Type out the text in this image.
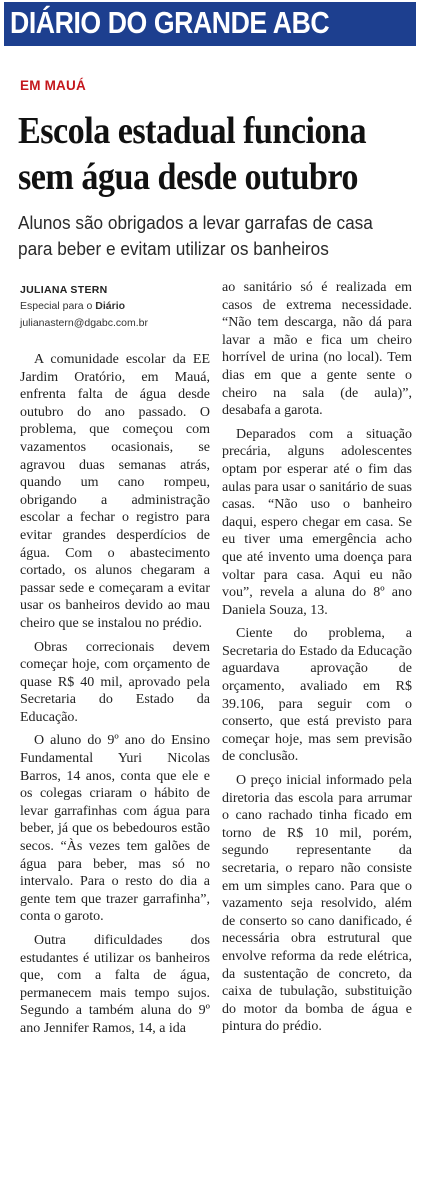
DIÁRIO DO GRANDE ABC
EM MAUÁ
Escola estadual funciona sem água desde outubro

Alunos são obrigados a levar garrafas de casa para beber e evitam utilizar os banheiros

JULIANA STERN
Especial para o Diário
julianastern@dgabc.com.br

A comunidade escolar da EE Jardim Oratório, em Mauá, enfrenta falta de água desde outubro do ano passado. O problema, que começou com vazamentos ocasionais, se agravou duas semanas atrás, quando um cano rompeu, obrigando a administração escolar a fechar o registro para evitar grandes desperdícios de água. Com o abastecimento cortado, os alunos chegaram a passar sede e começaram a evitar usar os banheiros devido ao mau cheiro que se instalou no prédio.

Obras correcionais devem começar hoje, com orçamento de quase R$ 40 mil, aprovado pela Secretaria do Estado da Educação.

O aluno do 9º ano do Ensino Fundamental Yuri Nicolas Barros, 14 anos, conta que ele e os colegas criaram o hábito de levar garrafinhas com água para beber, já que os bebedouros estão secos. “Às vezes tem galões de água para beber, mas só no intervalo. Para o resto do dia a gente tem que trazer garrafinha”, conta o garoto.

Outra dificuldades dos estudantes é utilizar os banheiros que, com a falta de água, permanecem mais tempo sujos. Segundo a também aluna do 9º ano Jennifer Ramos, 14, a ida

ao sanitário só é realizada em casos de extrema necessidade. “Não tem descarga, não dá para lavar a mão e fica um cheiro horrível de urina (no local). Tem dias em que a gente sente o cheiro na sala (de aula)”, desabafa a garota.

Deparados com a situação precária, alguns adolescentes optam por esperar até o fim das aulas para usar o sanitário de suas casas. “Não uso o banheiro daqui, espero chegar em casa. Se eu tiver uma emergência acho que até invento uma doença para voltar para casa. Aqui eu não vou”, revela a aluna do 8º ano Daniela Souza, 13.

Ciente do problema, a Secretaria do Estado da Educação aguardava aprovação de orçamento, avaliado em R$ 39.106, para seguir com o conserto, que está previsto para começar hoje, mas sem previsão de conclusão.

O preço inicial informado pela diretoria das escola para arrumar o cano rachado tinha ficado em torno de R$ 10 mil, porém, segundo representante da secretaria, o reparo não consiste em um simples cano. Para que o vazamento seja resolvido, além de conserto so cano danificado, é necessária obra estrutural que envolve reforma da rede elétrica, da sustentação de concreto, da caixa de tubulação, substituição do motor da bomba de água e pintura do prédio.
